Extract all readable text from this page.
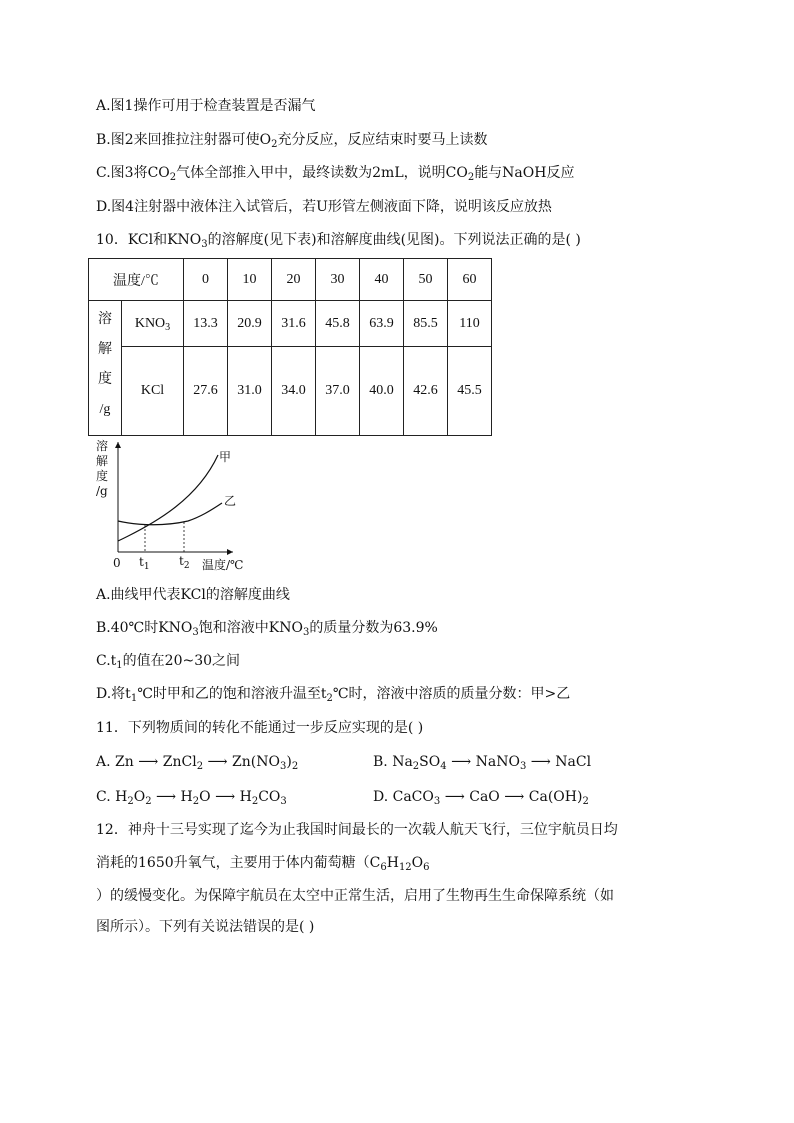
A.图1操作可用于检查装置是否漏气
B.图2来回推拉注射器可使$O_2$充分反应，反应结束时要马上读数
C.图3将$CO_2$气体全部推入甲中，最终读数为2mL，说明$CO_2$能与NaOH反应
D.图4注射器中液体注入试管后，若U形管左侧液面下降，说明该反应放热
10．KCl和$KNO_3$的溶解度(见下表)和溶解度曲线(见图)。下列说法正确的是( )
温度/℃		0	10	20	30	40	50	60

溶
解
度
/g	$KNO_3$	13.3	20.9	31.6	45.8	63.9	85.5	110
	KCl	27.6	31.0	34.0	37.0	40.0	42.6	45.5
溶
解
度
/g
甲
乙
0 $t_1$ $t_2$ 温度/℃
A.曲线甲代表KCl的溶解度曲线
B.40℃时$KNO_3$饱和溶液中$KNO_3$的质量分数为63.9%
$C.t_1$的值在20~30之间
D.将$t_1℃$时甲和乙的饱和溶液升温至$t_2℃$时，溶液中溶质的质量分数：甲>乙
11．下列物质间的转化不能通过一步反应实现的是( )
A. Zn ⟶ ZnCl$_2$ ⟶ $Zn(NO_3)_2$	B. $Na_2SO_4$ ⟶ NaNO$_3$ ⟶ NaCl
C. $H_2O_2$ ⟶ $H_2O$ ⟶ $H_2CO_3$	D. CaCO$_3$ ⟶ CaO ⟶ $Ca(OH)_2$
12．神舟十三号实现了迄今为止我国时间最长的一次载人航天飞行，三位宇航员日均
消耗的1650升氧气，主要用于体内葡萄糖（$C_6H_{12}O_6$
）的缓慢变化。为保障宇航员在太空中正常生活，启用了生物再生生命保障系统（如
图所示）。下列有关说法错误的是( )
